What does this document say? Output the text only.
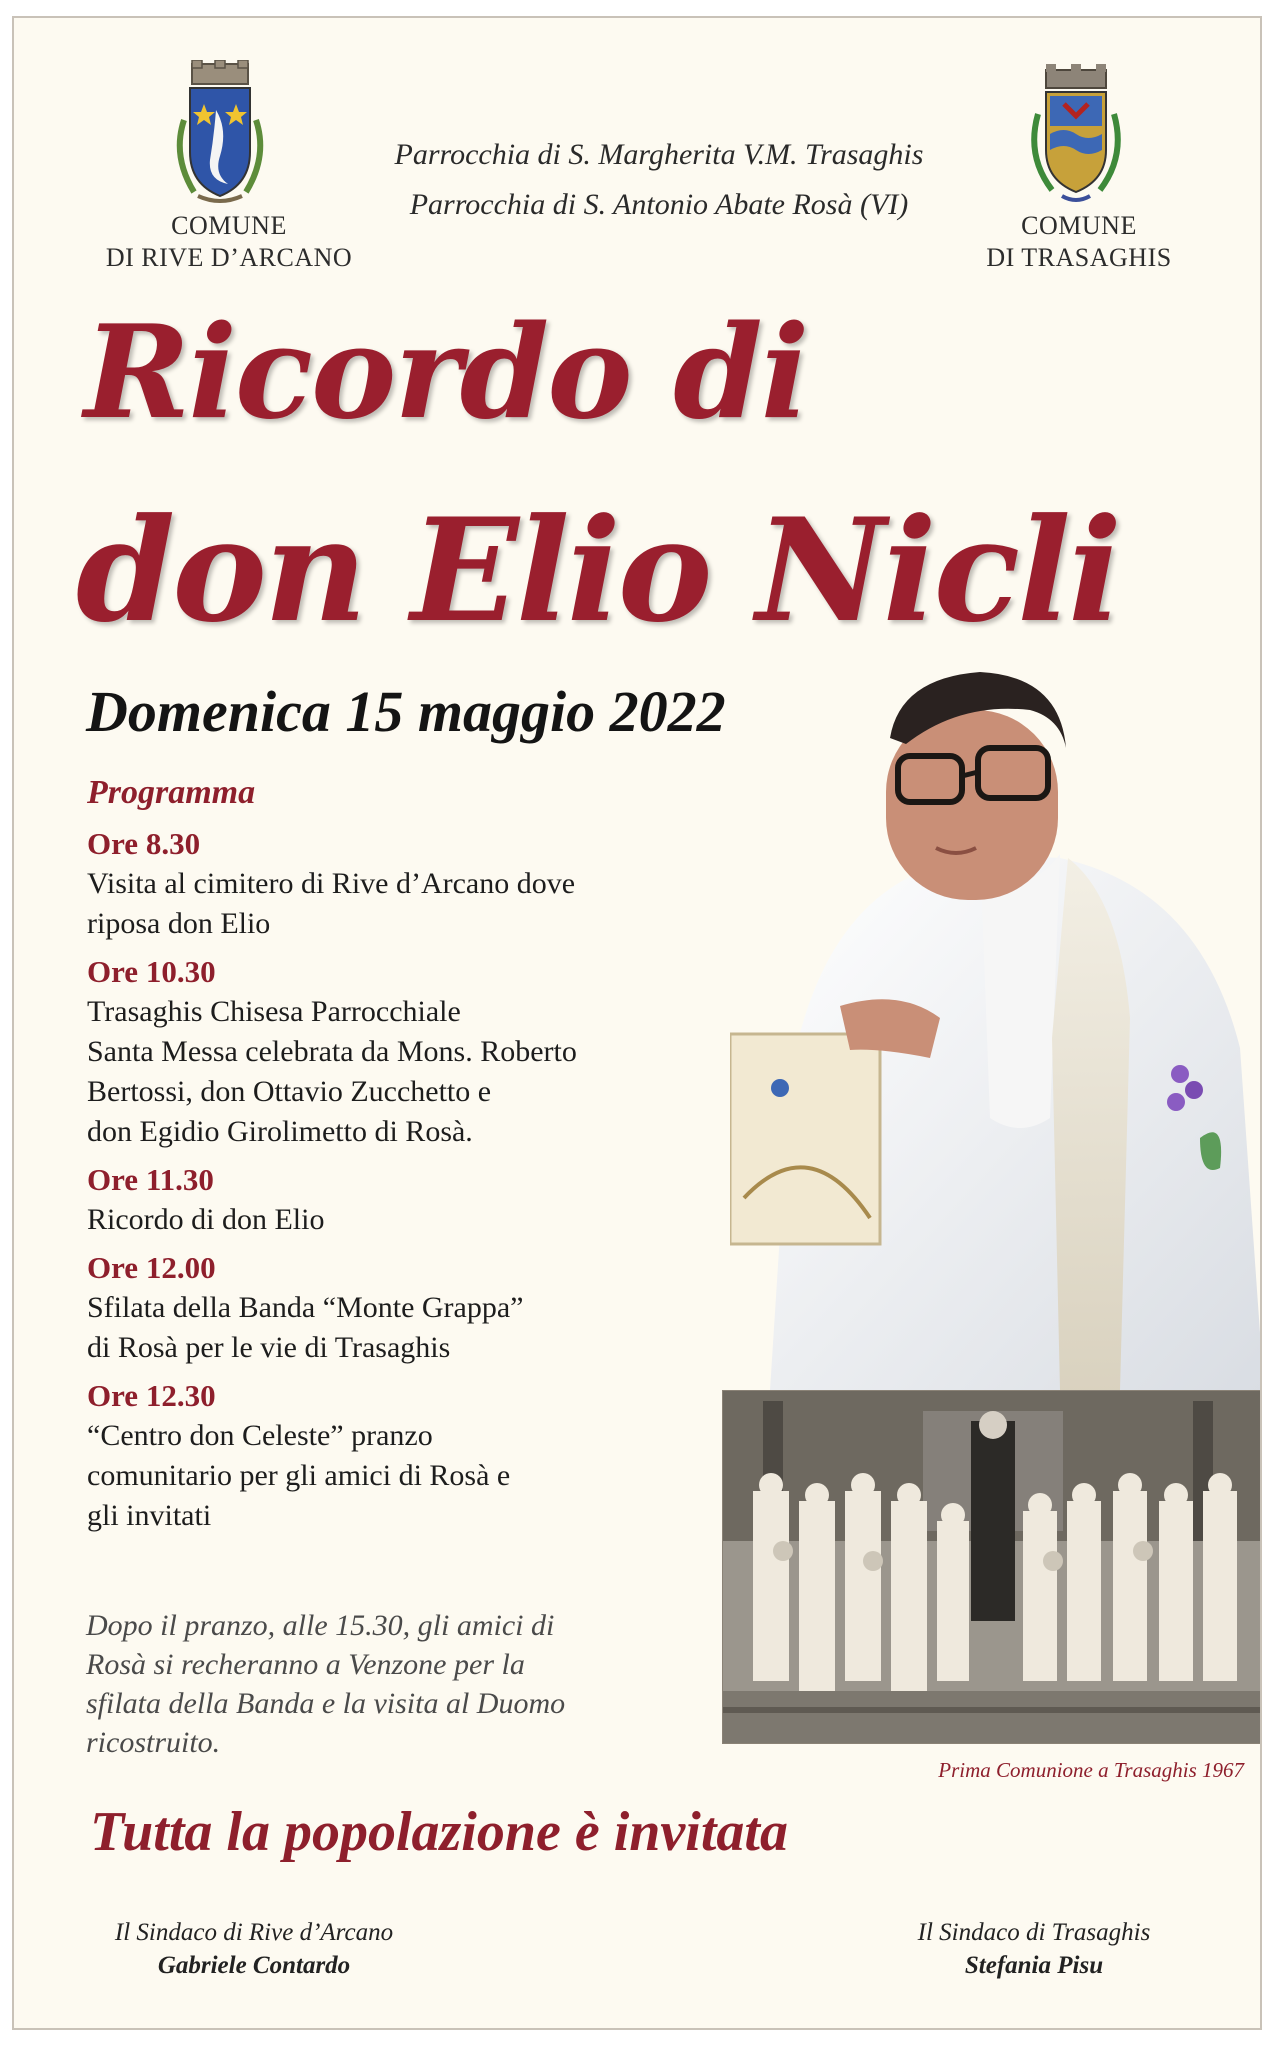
COMUNE
DI RIVE D’ARCANO
COMUNE
DI TRASAGHIS
Parrocchia di S. Margherita V.M. Trasaghis
Parrocchia di S. Antonio Abate Rosà (VI)
Ricordo di
don Elio Nicli
Domenica 15 maggio 2022
Programma
Ore 8.30
Visita al cimitero di Rive d’Arcano dove
riposa don Elio
Ore 10.30
Trasaghis Chisesa Parrocchiale
Santa Messa celebrata da Mons. Roberto
Bertossi, don Ottavio Zucchetto e
don Egidio Girolimetto di Rosà.
Ore 11.30
Ricordo di don Elio
Ore 12.00
Sfilata della Banda “Monte Grappa”
di Rosà per le vie di Trasaghis
Ore 12.30
“Centro don Celeste” pranzo
comunitario per gli amici di Rosà e
gli invitati
Dopo il pranzo, alle 15.30, gli amici di
Rosà si recheranno a Venzone per la
sfilata della Banda e la visita al Duomo
ricostruito.
Prima Comunione a Trasaghis 1967
Tutta la popolazione è invitata
Il Sindaco di Rive d’Arcano
Gabriele Contardo
Il Sindaco di Trasaghis
Stefania Pisu
